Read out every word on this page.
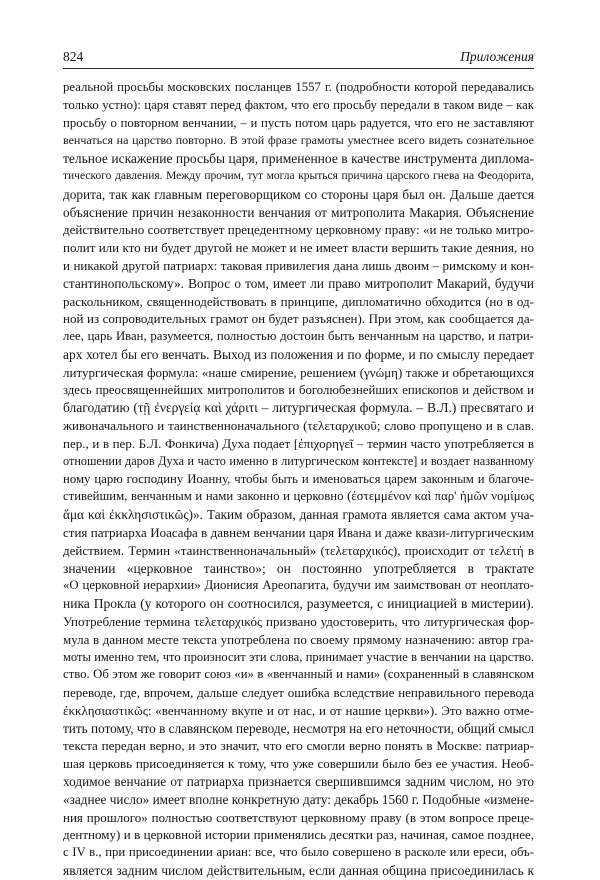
824	Приложения
реальной просьбы московских посланцев 1557 г. (подробности которой передавались
только устно): царя ставят перед фактом, что его просьбу передали в таком виде – как
просьбу о повторном венчании, – и пусть потом царь радуется, что его не заставляют
венчаться на царство повторно. В этой фразе грамоты уместнее всего видеть сознательное
тельное искажение просьбы царя, примененное в качестве инструмента диплома-
тического давления. Между прочим, тут могла крыться причина царского гнева на Феодорита,
дорита, так как главным переговорщиком со стороны царя был он. Дальше дается
объяснение причин незаконности венчания от митрополита Макария. Объяснение
действительно соответствует прецедентному церковному праву: «и не только митро-
полит или кто ни будет другой не может и не имеет власти вершить такие деяния, но
и никакой другой патриарх: таковая привилегия дана лишь двоим – римскому и кон-
стантинопольскому». Вопрос о том, имеет ли право митрополит Макарий, будучи
раскольником, священнодействовать в принципе, дипломатично обходится (но в од-
ной из сопроводительных грамот он будет разъяснен). При этом, как сообщается да-
лее, царь Иван, разумеется, полностью достоин быть венчанным на царство, и патри-
арх хотел бы его венчать. Выход из положения и по форме, и по смыслу передает
литургическая формула: «наше смирение, решением (γνώμη) также и обретающихся
здесь преосвященнейших митрополитов и боголюбезнейших епископов и действом и
благодатию (τῇ ἐνεργείᾳ καὶ χάριτι – литургическая формула. – В.Л.) пресвятаго и
живоначального и таинственноначального (τελεταρχικοῦ; слово пропущено и в слав.
пер., и в пер. Б.Л. Фонкича) Духа подает [ἐπιχορηγεῖ – термин часто употребляется в
отношении даров Духа и часто именно в литургическом контексте] и воздает названному
ному царю господину Иоанну, чтобы быть и именоваться царем законным и благоче-
стивейшим, венчанным и нами законно и церковно (ἐστεμμένον καὶ παρ' ἡμῶν νομίμως
ἅμα καὶ ἐκκλησιστικῶς)». Таким образом, данная грамота является сама актом уча-
стия патриарха Иоасафа в давнем венчании царя Ивана и даже квази-литургическим
действием. Термин «таинственноначальный» (τελεταρχικός), происходит от τελετή в
значении «церковное таинство»; он постоянно употребляется в трактате
«О церковной иерархии» Дионисия Ареопагита, будучи им заимствован от неоплато-
ника Прокла (у которого он соотносился, разумеется, с инициацией в мистерии).
Употребление термина τελεταρχικός призвано удостоверить, что литургическая фор-
мула в данном месте текста употреблена по своему прямому назначению: автор гра-
моты именно тем, что произносит эти слова, принимает участие в венчании на царство.
ство. Об этом же говорит союз «и» в «венчанный и нами» (сохраненный в славянском
переводе, где, впрочем, дальше следует ошибка вследствие неправильного перевода
ἐκκλησιαστικῶς: «венчанному вкупе и от нас, и от нашие церкви»). Это важно отме-
тить потому, что в славянском переводе, несмотря на его неточности, общий смысл
текста передан верно, и это значит, что его смогли верно понять в Москве: патриар-
шая церковь присоединяется к тому, что уже совершили было без ее участия. Необ-
ходимое венчание от патриарха признается свершившимся задним числом, но это
«заднее число» имеет вполне конкретную дату: декабрь 1560 г. Подобные «измене-
ния прошлого» полностью соответствуют церковному праву (в этом вопросе преце-
дентному) и в церковной истории применялись десятки раз, начиная, самое позднее,
с IV в., при присоединении ариан: все, что было совершено в расколе или ереси, объ-
является задним числом действительным, если данная община присоединилась к
